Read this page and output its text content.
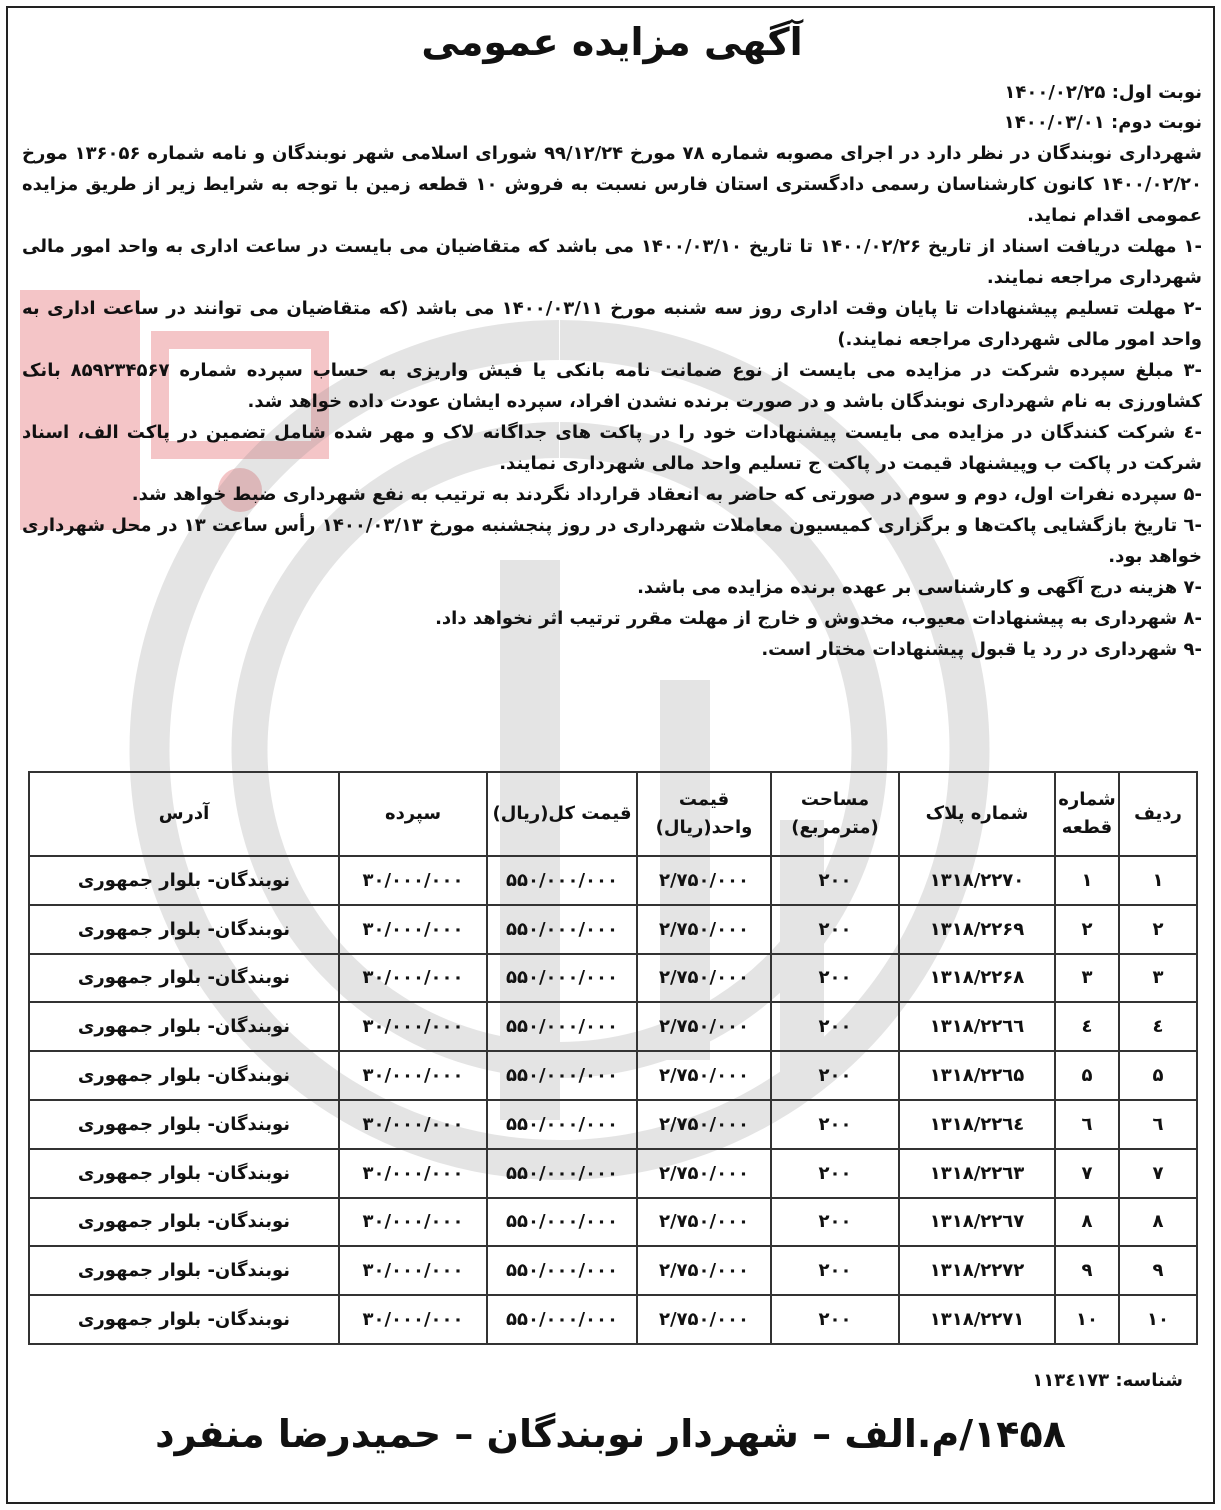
آگهی مزایده عمومی
نوبت اول: ۱۴۰۰/۰۲/۲۵
نوبت دوم: ۱۴۰۰/۰۳/۰۱
شهرداری نوبندگان در نظر دارد در اجرای مصوبه شماره ۷۸ مورخ ۹۹/۱۲/۲۴ شورای اسلامی شهر نوبندگان و نامه شماره ۱۳۶۰۵۶ مورخ ۱۴۰۰/۰۲/۲۰ کانون کارشناسان رسمی دادگستری استان فارس نسبت به فروش ۱۰ قطعه زمین با توجه به شرایط زیر از طریق مزایده عمومی اقدام نماید.
-۱ مهلت دریافت اسناد از تاریخ ۱۴۰۰/۰۲/۲۶ تا تاریخ ۱۴۰۰/۰۳/۱۰ می باشد که متقاضیان می بایست در ساعت اداری به واحد امور مالی شهرداری مراجعه نمایند.
-۲ مهلت تسلیم پیشنهادات تا پایان وقت اداری روز سه شنبه مورخ ۱۴۰۰/۰۳/۱۱ می باشد (که متقاضیان می توانند در ساعت اداری به واحد امور مالی شهرداری مراجعه نمایند.)
-۳ مبلغ سپرده شرکت در مزایده می بایست از نوع ضمانت نامه بانکی یا فیش واریزی به حساب سپرده شماره ۸۵۹۲۳۴۵۶۷ بانک کشاورزی به نام شهرداری نوبندگان باشد و در صورت برنده نشدن افراد، سپرده ایشان عودت داده خواهد شد.
-٤ شرکت کنندگان در مزایده می بایست پیشنهادات خود را در پاکت های جداگانه لاک و مهر شده شامل تضمین در پاکت الف، اسناد شرکت در پاکت ب وپیشنهاد قیمت در پاکت ج تسلیم واحد مالی شهرداری نمایند.
-۵ سپرده نفرات اول، دوم و سوم در صورتی که حاضر به انعقاد قرارداد نگردند به ترتیب به نفع شهرداری ضبط خواهد شد.
-٦ تاریخ بازگشایی پاکت‌ها و برگزاری کمیسیون معاملات شهرداری در روز پنجشنبه مورخ ۱۴۰۰/۰۳/۱۳ رأس ساعت ۱۳ در محل شهرداری خواهد بود.
-۷ هزینه درج آگهی و کارشناسی بر عهده برنده مزایده می باشد.
-۸ شهرداری به پیشنهادات معیوب، مخدوش و خارج از مهلت مقرر ترتیب اثر نخواهد داد.
-۹ شهرداری در رد یا قبول پیشنهادات مختار است.
ردیف	شماره قطعه	شماره پلاک	مساحت (مترمربع)	قیمت واحد(ریال)	قیمت کل(ریال)	سپرده	آدرس
۱	۱	۱۳۱۸/۲۲۷۰	۲۰۰	۲/۷۵۰/۰۰۰	۵۵۰/۰۰۰/۰۰۰	۳۰/۰۰۰/۰۰۰	نوبندگان- بلوار جمهوری
۲	۲	۱۳۱۸/۲۲۶۹	۲۰۰	۲/۷۵۰/۰۰۰	۵۵۰/۰۰۰/۰۰۰	۳۰/۰۰۰/۰۰۰	نوبندگان- بلوار جمهوری
۳	۳	۱۳۱۸/۲۲۶۸	۲۰۰	۲/۷۵۰/۰۰۰	۵۵۰/۰۰۰/۰۰۰	۳۰/۰۰۰/۰۰۰	نوبندگان- بلوار جمهوری
٤	٤	۱۳۱۸/۲۲٦٦	۲۰۰	۲/۷۵۰/۰۰۰	۵۵۰/۰۰۰/۰۰۰	۳۰/۰۰۰/۰۰۰	نوبندگان- بلوار جمهوری
۵	۵	۱۳۱۸/۲۲٦۵	۲۰۰	۲/۷۵۰/۰۰۰	۵۵۰/۰۰۰/۰۰۰	۳۰/۰۰۰/۰۰۰	نوبندگان- بلوار جمهوری
٦	٦	۱۳۱۸/۲۲٦٤	۲۰۰	۲/۷۵۰/۰۰۰	۵۵۰/۰۰۰/۰۰۰	۳۰/۰۰۰/۰۰۰	نوبندگان- بلوار جمهوری
۷	۷	۱۳۱۸/۲۲٦۳	۲۰۰	۲/۷۵۰/۰۰۰	۵۵۰/۰۰۰/۰۰۰	۳۰/۰۰۰/۰۰۰	نوبندگان- بلوار جمهوری
۸	۸	۱۳۱۸/۲۲٦۷	۲۰۰	۲/۷۵۰/۰۰۰	۵۵۰/۰۰۰/۰۰۰	۳۰/۰۰۰/۰۰۰	نوبندگان- بلوار جمهوری
۹	۹	۱۳۱۸/۲۲۷۲	۲۰۰	۲/۷۵۰/۰۰۰	۵۵۰/۰۰۰/۰۰۰	۳۰/۰۰۰/۰۰۰	نوبندگان- بلوار جمهوری
۱۰	۱۰	۱۳۱۸/۲۲۷۱	۲۰۰	۲/۷۵۰/۰۰۰	۵۵۰/۰۰۰/۰۰۰	۳۰/۰۰۰/۰۰۰	نوبندگان- بلوار جمهوری
شناسه: ۱۱۳٤۱۷۳
۱۴۵۸/م.الف – شهردار نوبندگان – حمیدرضا منفرد
